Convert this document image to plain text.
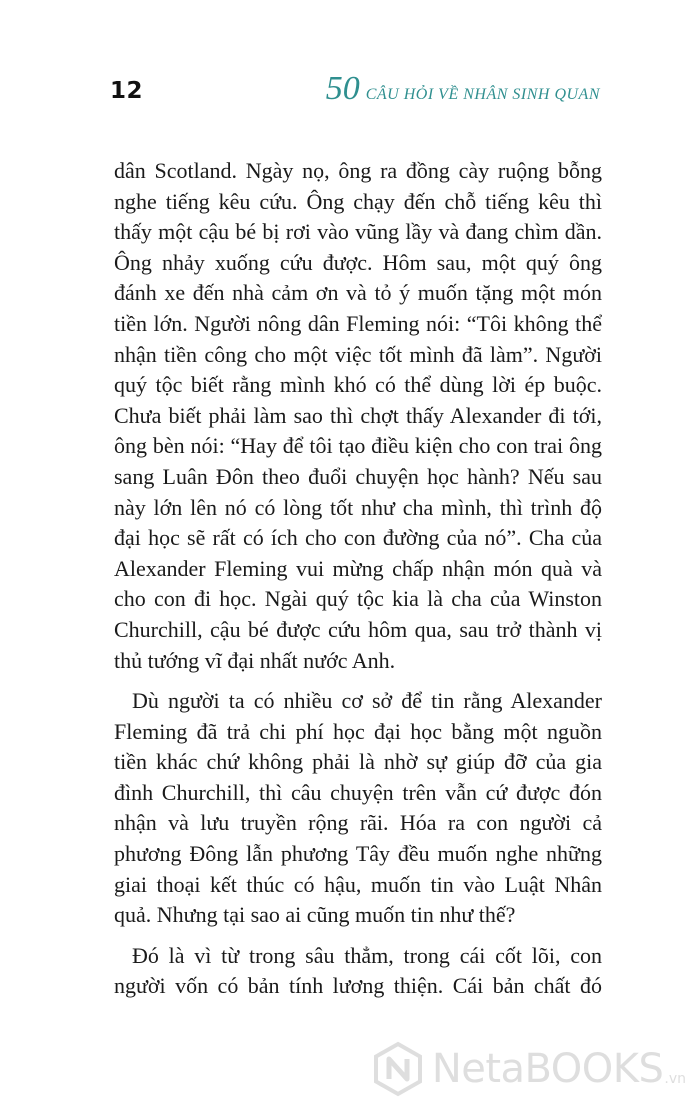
12	50 CÂU HỎI VỀ NHÂN SINH QUAN

dân Scotland. Ngày nọ, ông ra đồng cày ruộng bỗng
nghe tiếng kêu cứu. Ông chạy đến chỗ tiếng kêu thì
thấy một cậu bé bị rơi vào vũng lầy và đang chìm dần.
Ông nhảy xuống cứu được. Hôm sau, một quý ông
đánh xe đến nhà cảm ơn và tỏ ý muốn tặng một món
tiền lớn. Người nông dân Fleming nói: “Tôi không thể
nhận tiền công cho một việc tốt mình đã làm”. Người
quý tộc biết rằng mình khó có thể dùng lời ép buộc.
Chưa biết phải làm sao thì chợt thấy Alexander đi tới,
ông bèn nói: “Hay để tôi tạo điều kiện cho con trai ông
sang Luân Đôn theo đuổi chuyện học hành? Nếu sau
này lớn lên nó có lòng tốt như cha mình, thì trình độ
đại học sẽ rất có ích cho con đường của nó”. Cha của
Alexander Fleming vui mừng chấp nhận món quà và
cho con đi học. Ngài quý tộc kia là cha của Winston
Churchill, cậu bé được cứu hôm qua, sau trở thành vị
thủ tướng vĩ đại nhất nước Anh.

Dù người ta có nhiều cơ sở để tin rằng Alexander
Fleming đã trả chi phí học đại học bằng một nguồn
tiền khác chứ không phải là nhờ sự giúp đỡ của gia
đình Churchill, thì câu chuyện trên vẫn cứ được đón
nhận và lưu truyền rộng rãi. Hóa ra con người cả
phương Đông lẫn phương Tây đều muốn nghe những
giai thoại kết thúc có hậu, muốn tin vào Luật Nhân
quả. Nhưng tại sao ai cũng muốn tin như thế?

Đó là vì từ trong sâu thẳm, trong cái cốt lõi, con
người vốn có bản tính lương thiện. Cái bản chất đó

NetaBOOKS .vn
